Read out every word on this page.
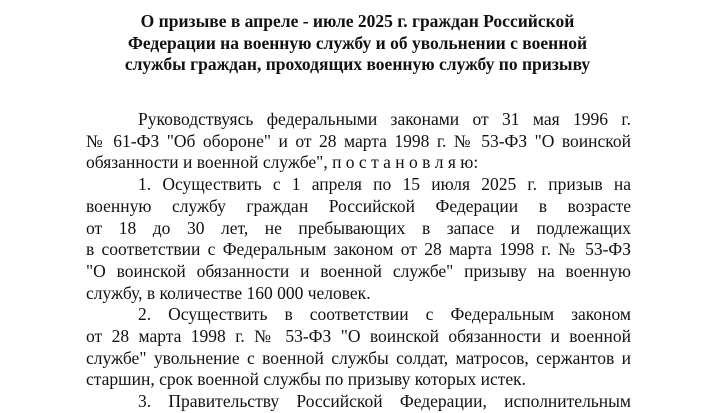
О призыве в апреле - июле 2025 г. граждан Российской
Федерации на военную службу и об увольнении с военной
службы граждан, проходящих военную службу по призыву
Руководствуясь федеральными законами от 31 мая 1996 г.
№ 61-ФЗ "Об обороне" и от 28 марта 1998 г. № 53-ФЗ "О воинской
обязанности и военной службе", п о с т а н о в л я ю:
1. Осуществить с 1 апреля по 15 июля 2025 г. призыв на
военную службу граждан Российской Федерации в возрасте
от 18 до 30 лет, не пребывающих в запасе и подлежащих
в соответствии с Федеральным законом от 28 марта 1998 г. № 53-ФЗ
"О воинской обязанности и военной службе" призыву на военную
службу, в количестве 160 000 человек.
2. Осуществить в соответствии с Федеральным законом
от 28 марта 1998 г. № 53-ФЗ "О воинской обязанности и военной
службе" увольнение с военной службы солдат, матросов, сержантов и
старшин, срок военной службы по призыву которых истек.
3. Правительству Российской Федерации, исполнительным
